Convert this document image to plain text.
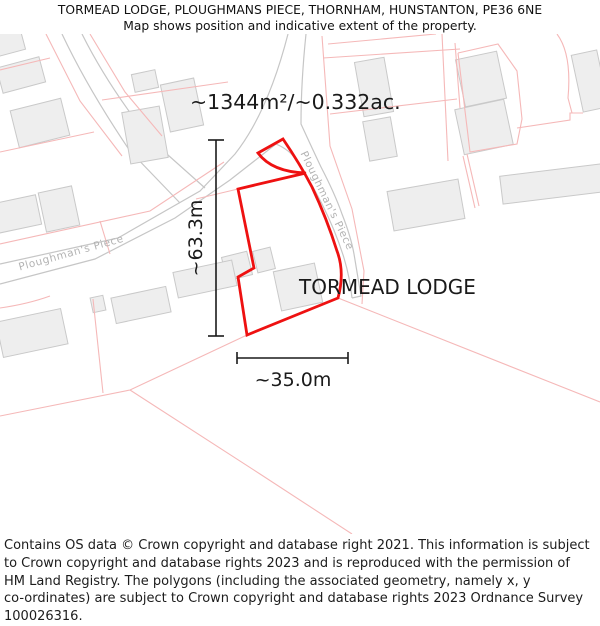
TORMEAD LODGE, PLOUGHMANS PIECE, THORNHAM, HUNSTANTON, PE36 6NE
Map shows position and indicative extent of the property.
~63.3m
~35.0m
~1344m²/~0.332ac.
TORMEAD LODGE
Ploughman's Piece
Ploughman's Piece
Contains OS data © Crown copyright and database right 2021. This information is subject
to Crown copyright and database rights 2023 and is reproduced with the permission of
HM Land Registry. The polygons (including the associated geometry, namely x, y
co-ordinates) are subject to Crown copyright and database rights 2023 Ordnance Survey
100026316.
